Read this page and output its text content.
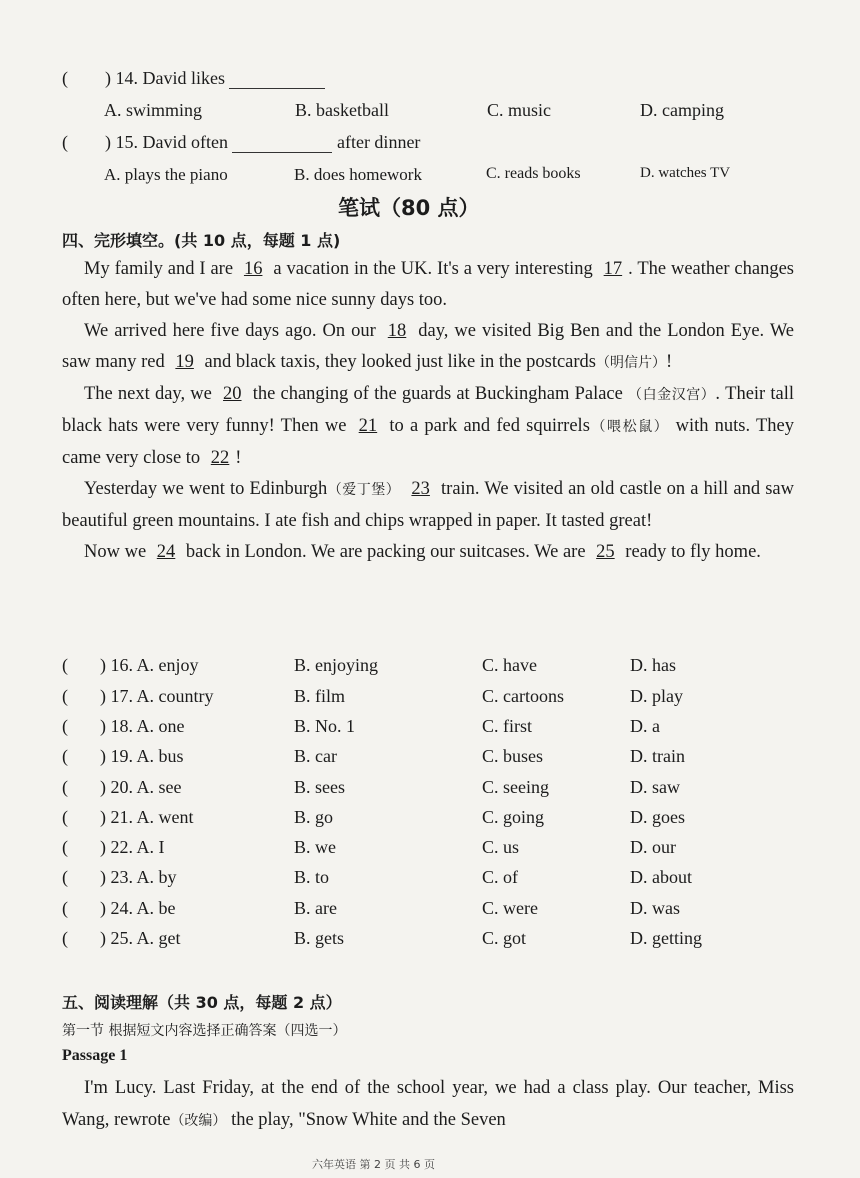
( ) 14. David likes
A. swimming	B. basketball	C. music	D. camping
( ) 15. David often	after dinner
A. plays the piano	B. does homework	C. reads books	D. watches TV
笔试（80 点）
四、完形填空。(共 10 点，每题 1 点)

My family and I are 16 a vacation in the UK. It's a very interesting 17 . The weather changes often here, but we've had some nice sunny days too.

We arrived here five days ago. On our 18 day, we visited Big Ben and the London Eye. We saw many red 19 and black taxis, they looked just like in the postcards（明信片）!

The next day, we 20 the changing of the guards at Buckingham Palace （白金汉宫）. Their tall black hats were very funny! Then we 21 to a park and fed squirrels（喂松鼠） with nuts. They came very close to 22 !

Yesterday we went to Edinburgh（爱丁堡） 23 train. We visited an old castle on a hill and saw beautiful green mountains. I ate fish and chips wrapped in paper. It tasted great!

Now we 24 back in London. We are packing our suitcases. We are 25 ready to fly home.

( ) 16. A. enjoy	B. enjoying	C. have	D. has
( ) 17. A. country	B. film	C. cartoons	D. play
( ) 18. A. one	B. No. 1	C. first	D. a
( ) 19. A. bus	B. car	C. buses	D. train
( ) 20. A. see	B. sees	C. seeing	D. saw
( ) 21. A. went	B. go	C. going	D. goes
( ) 22. A. I	B. we	C. us	D. our
( ) 23. A. by	B. to	C. of	D. about
( ) 24. A. be	B. are	C. were	D. was
( ) 25. A. get	B. gets	C. got	D. getting
五、阅读理解（共 30 点，每题 2 点）
第一节 根据短文内容选择正确答案（四选一）
Passage 1

I'm Lucy. Last Friday, at the end of the school year, we had a class play. Our teacher, Miss Wang, rewrote（改编） the play, "Snow White and the Seven

六年英语 第 2 页 共 6 页
